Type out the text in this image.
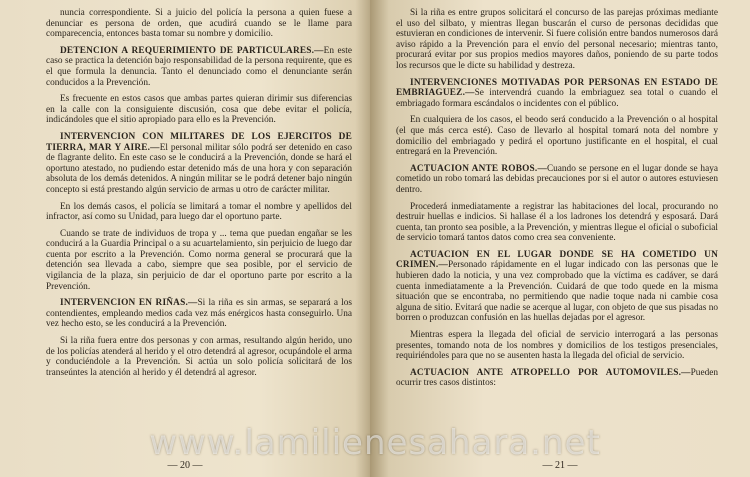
nuncia correspondiente. Si a juicio del policía la persona a quien fuese a denunciar es persona de orden, que acudirá cuando se le llame para comparecencia, entonces basta tomar su nombre y domicilio.

DETENCION A REQUERIMIENTO DE PARTICULARES.—En este caso se practica la detención bajo responsabilidad de la persona requirente, que es el que formula la denuncia. Tanto el denunciado como el denunciante serán conducidos a la Prevención.

Es frecuente en estos casos que ambas partes quieran dirimir sus diferencias en la calle con la consiguiente discusión, cosa que debe evitar el policía, indicándoles que el sitio apropiado para ello es la Prevención.

INTERVENCION CON MILITARES DE LOS EJERCITOS DE TIERRA, MAR Y AIRE.—El personal militar sólo podrá ser detenido en caso de flagrante delito. En este caso se le conducirá a la Prevención, donde se hará el oportuno atestado, no pudiendo estar detenido más de una hora y con separación absoluta de los demás detenidos. A ningún militar se le podrá detener bajo ningún concepto si está prestando algún servicio de armas u otro de carácter militar.

En los demás casos, el policía se limitará a tomar el nombre y apellidos del infractor, así como su Unidad, para luego dar el oportuno parte.

Cuando se trate de individuos de tropa y ... tema que puedan engañar se les conducirá a la Guardia Principal o a su acuartelamiento, sin perjuicio de luego dar cuenta por escrito a la Prevención. Como norma general se procurará que la detención sea llevada a cabo, siempre que sea posible, por el servicio de vigilancia de la plaza, sin perjuicio de dar el oportuno parte por escrito a la Prevención.

INTERVENCION EN RIÑAS.—Si la riña es sin armas, se separará a los contendientes, empleando medios cada vez más enérgicos hasta conseguirlo. Una vez hecho esto, se les conducirá a la Prevención.

Si la riña fuera entre dos personas y con armas, resultando algún herido, uno de los policías atenderá al herido y el otro detendrá al agresor, ocupándole el arma y conduciéndole a la Prevención. Si actúa un solo policía solicitará de los transeúntes la atención al herido y él detendrá al agresor.

— 20 —

Si la riña es entre grupos solicitará el concurso de las parejas próximas mediante el uso del silbato, y mientras llegan buscarán el curso de personas decididas que estuvieran en condiciones de intervenir. Si fuere colisión entre bandos numerosos dará aviso rápido a la Prevención para el envío del personal necesario; mientras tanto, procurará evitar por sus propios medios mayores daños, poniendo de su parte todos los recursos que le dicte su habilidad y destreza.

INTERVENCIONES MOTIVADAS POR PERSONAS EN ESTADO DE EMBRIAGUEZ.—Se intervendrá cuando la embriaguez sea total o cuando el embriagado formara escándalos o incidentes con el público.

En cualquiera de los casos, el beodo será conducido a la Prevención o al hospital (el que más cerca esté). Caso de llevarlo al hospital tomará nota del nombre y domicilio del embriagado y pedirá el oportuno justificante en el hospital, el cual entregará en la Prevención.

ACTUACION ANTE ROBOS.—Cuando se persone en el lugar donde se haya cometido un robo tomará las debidas precauciones por si el autor o autores estuviesen dentro.

Procederá inmediatamente a registrar las habitaciones del local, procurando no destruir huellas e indicios. Si hallase él a los ladrones los detendrá y esposará. Dará cuenta, tan pronto sea posible, a la Prevención, y mientras llegue el oficial o suboficial de servicio tomará tantos datos como crea sea conveniente.

ACTUACION EN EL LUGAR DONDE SE HA COMETIDO UN CRIMEN.—Personado rápidamente en el lugar indicado con las personas que le hubieren dado la noticia, y una vez comprobado que la víctima es cadáver, se dará cuenta inmediatamente a la Prevención. Cuidará de que todo quede en la misma situación que se encontraba, no permitiendo que nadie toque nada ni cambie cosa alguna de sitio. Evitará que nadie se acerque al lugar, con objeto de que sus pisadas no borren o produzcan confusión en las huellas dejadas por el agresor.

Mientras espera la llegada del oficial de servicio interrogará a las personas presentes, tomando nota de los nombres y domicilios de los testigos presenciales, requiriéndoles para que no se ausenten hasta la llegada del oficial de servicio.

ACTUACION ANTE ATROPELLO POR AUTOMOVILES.—Pueden ocurrir tres casos distintos:

— 21 —
www.lamilienesahara.net
